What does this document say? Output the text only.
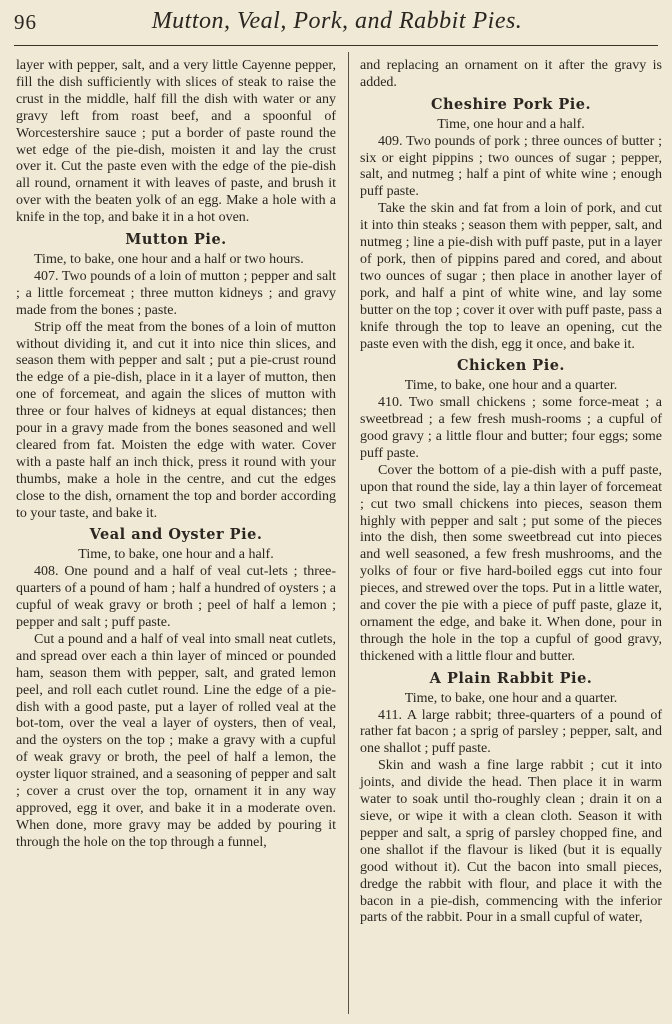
96	Mutton, Veal, Pork, and Rabbit Pies.

layer with pepper, salt, and a very little Cayenne pepper, fill the dish sufficiently with slices of steak to raise the crust in the middle, half fill the dish with water or any gravy left from roast beef, and a spoonful of Worcestershire sauce ; put a border of paste round the wet edge of the pie-dish, moisten it and lay the crust over it. Cut the paste even with the edge of the pie-dish all round, ornament it with leaves of paste, and brush it over with the beaten yolk of an egg. Make a hole with a knife in the top, and bake it in a hot oven.

Mutton Pie.

Time, to bake, one hour and a half or two hours.

407. Two pounds of a loin of mutton ; pepper and salt ; a little forcemeat ; three mutton kidneys ; and gravy made from the bones ; paste.

Strip off the meat from the bones of a loin of mutton without dividing it, and cut it into nice thin slices, and season them with pepper and salt ; put a pie-crust round the edge of a pie-dish, place in it a layer of mutton, then one of forcemeat, and again the slices of mutton with three or four halves of kidneys at equal distances; then pour in a gravy made from the bones seasoned and well cleared from fat. Moisten the edge with water. Cover with a paste half an inch thick, press it round with your thumbs, make a hole in the centre, and cut the edges close to the dish, ornament the top and border according to your taste, and bake it.

Veal and Oyster Pie.

Time, to bake, one hour and a half.

408. One pound and a half of veal cut-lets ; three-quarters of a pound of ham ; half a hundred of oysters ; a cupful of weak gravy or broth ; peel of half a lemon ; pepper and salt ; puff paste.

Cut a pound and a half of veal into small neat cutlets, and spread over each a thin layer of minced or pounded ham, season them with pepper, salt, and grated lemon peel, and roll each cutlet round. Line the edge of a pie-dish with a good paste, put a layer of rolled veal at the bot-tom, over the veal a layer of oysters, then of veal, and the oysters on the top ; make a gravy with a cupful of weak gravy or broth, the peel of half a lemon, the oyster liquor strained, and a seasoning of pepper and salt ; cover a crust over the top, ornament it in any way approved, egg it over, and bake it in a moderate oven. When done, more gravy may be added by pouring it through the hole on the top through a funnel,

and replacing an ornament on it after the gravy is added.

Cheshire Pork Pie.

Time, one hour and a half.

409. Two pounds of pork ; three ounces of butter ; six or eight pippins ; two ounces of sugar ; pepper, salt, and nutmeg ; half a pint of white wine ; enough puff paste.

Take the skin and fat from a loin of pork, and cut it into thin steaks ; season them with pepper, salt, and nutmeg ; line a pie-dish with puff paste, put in a layer of pork, then of pippins pared and cored, and about two ounces of sugar ; then place in another layer of pork, and half a pint of white wine, and lay some butter on the top ; cover it over with puff paste, pass a knife through the top to leave an opening, cut the paste even with the dish, egg it once, and bake it.

Chicken Pie.

Time, to bake, one hour and a quarter.

410. Two small chickens ; some force-meat ; a sweetbread ; a few fresh mush-rooms ; a cupful of good gravy ; a little flour and butter; four eggs; some puff paste.

Cover the bottom of a pie-dish with a puff paste, upon that round the side, lay a thin layer of forcemeat ; cut two small chickens into pieces, season them highly with pepper and salt ; put some of the pieces into the dish, then some sweetbread cut into pieces and well seasoned, a few fresh mushrooms, and the yolks of four or five hard-boiled eggs cut into four pieces, and strewed over the tops. Put in a little water, and cover the pie with a piece of puff paste, glaze it, ornament the edge, and bake it. When done, pour in through the hole in the top a cupful of good gravy, thickened with a little flour and butter.

A Plain Rabbit Pie.

Time, to bake, one hour and a quarter.

411. A large rabbit; three-quarters of a pound of rather fat bacon ; a sprig of parsley ; pepper, salt, and one shallot ; puff paste.

Skin and wash a fine large rabbit ; cut it into joints, and divide the head. Then place it in warm water to soak until tho-roughly clean ; drain it on a sieve, or wipe it with a clean cloth. Season it with pepper and salt, a sprig of parsley chopped fine, and one shallot if the flavour is liked (but it is equally good without it). Cut the bacon into small pieces, dredge the rabbit with flour, and place it with the bacon in a pie-dish, commencing with the inferior parts of the rabbit. Pour in a small cupful of water,
